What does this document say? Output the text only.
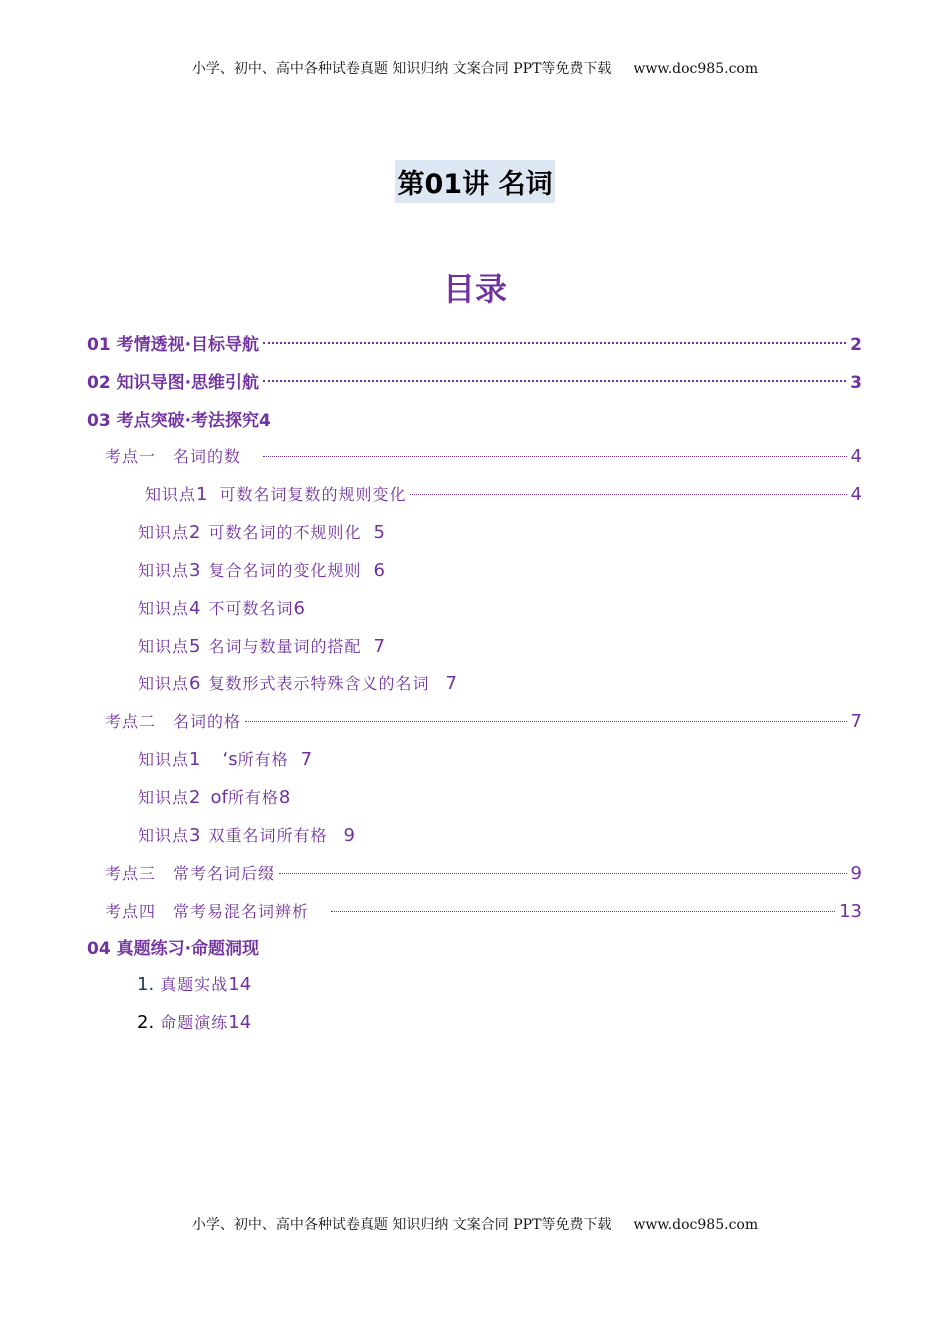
小学、初中、高中各种试卷真题 知识归纳 文案合同 PPT等免费下载 www.doc985.com
第01讲 名词
目录
01 考情透视·目标导航	2
02 知识导图·思维引航	3
03 考点突破·考法探究 4
考点一　名词的数	4
知识点 1 可数名词复数的规则变化	4
知识点 2 可数名词的不规则化 5
知识点 3 复合名词的变化规则 6
知识点 4 不可数名词 6
知识点 5 名词与数量词的搭配 7
知识点 6 复数形式表示特殊含义的名词 7
考点二　名词的格	7
知识点 1 ‘s 所有格 7
知识点 2 of 所有格 8
知识点 3 双重名词所有格 9
考点三　常考名词后缀	9
考点四　常考易混名词辨析	13
04 真题练习·命题洞现
1. 真题实战14
2. 命题演练14
小学、初中、高中各种试卷真题 知识归纳 文案合同 PPT等免费下载 www.doc985.com
